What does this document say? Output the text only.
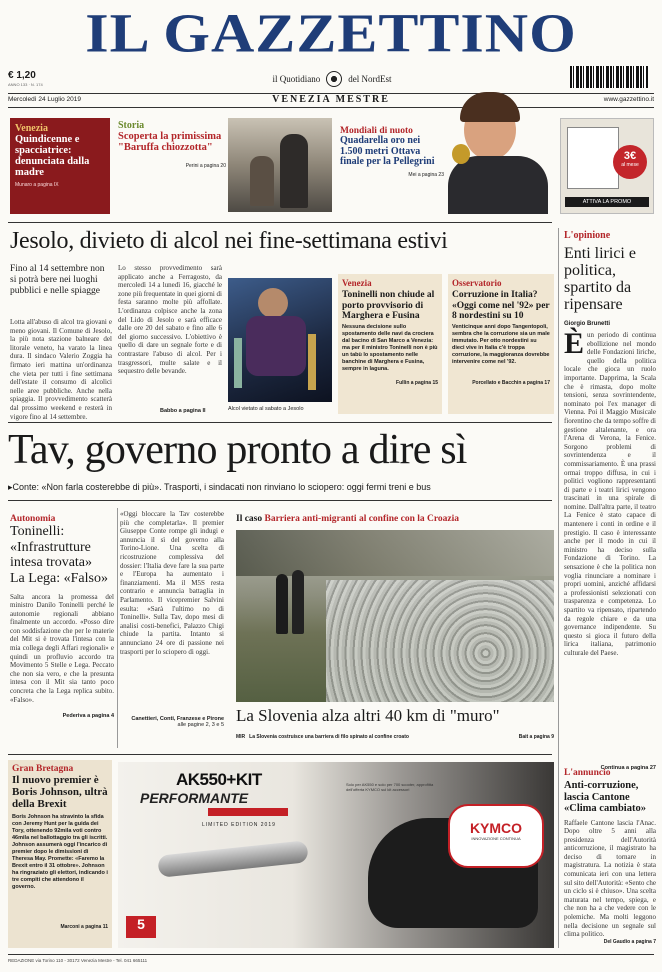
IL GAZZETTINO
€ 1,20
ANNO 133 · N. 174
il Quotidiano	del NordEst
Mercoledì 24 Luglio 2019	VENEZIA MESTRE	www.gazzettino.it
Venezia
Quindicenne e spacciatrice: denunciata dalla madre
Munaro a pagina IX
Storia
Scoperta la primissima "Baruffa chiozzotta"
Perini a pagina 20
Mondiali di nuoto
Quadarella oro nei 1.500 metri Ottava finale per la Pellegrini
Mei a pagina 23
3€
al mese
ATTIVA LA PROMO
Jesolo, divieto di alcol nei fine-settimana estivi
Fino al 14 settembre non si potrà bere nei luoghi pubblici e nelle spiagge
Lotta all'abuso di alcol tra giovani e meno giovani. Il Comune di Jesolo, la più nota stazione balneare del litorale veneto, ha varato la linea dura. Il sindaco Valerio Zoggia ha firmato ieri mattina un'ordinanza che vieta per tutti i fine settimana dell'estate il consumo di alcolici nelle aree pubbliche. Anche nella spiaggia. Il provvedimento scatterà dal prossimo weekend e resterà in vigore fino al 14 settembre.
Lo stesso provvedimento sarà applicato anche a Ferragosto, da mercoledì 14 a lunedì 16, giacché le zone più frequentate in quei giorni di festa saranno molte più affollate. L'ordinanza colpisce anche la zona del Lido di Jesolo e sarà efficace dalle ore 20 del sabato e fino alle 6 del giorno successivo. L'obiettivo è quello di dare un segnale forte e di contrastare l'abuso di alcol. Per i trasgressori, multe salate e il sequestro delle bevande.
Babbo a pagina II	Alcol vietato al sabato a Jesolo
Venezia
Toninelli non chiude al porto provvisorio di Marghera e Fusina
Nessuna decisione sullo spostamento delle navi da crociera dal bacino di San Marco a Venezia: ma per il ministro Toninelli non è più un tabù lo spostamento nelle banchine di Marghera e Fusina, sempre in laguna.
Fullin a pagina 15
Osservatorio
Corruzione in Italia? «Oggi come nel '92» per 8 nordestini su 10
Venticinque anni dopo Tangentopoli, sembra che la corruzione sia un male immutato. Per otto nordestini su dieci vive in Italia c'è troppa corruzione, la maggioranza dovrebbe intervenire come nel '92.
Porcellato e Bacchin a pagina 17
L'opinione
Enti lirici e politica, spartito da ripensare
Giorgio Brunetti
È un periodo di continua ebollizione nel mondo delle Fondazioni liriche, quello della politica locale che gioca un ruolo importante. Dapprima, la Scala che è rimasta, dopo molte tensioni, senza sovrintendente, nominato poi l'ex manager di Vienna. Poi il Maggio Musicale fiorentino che da tempo soffre di gestione altalenante, e ora l'Arena di Verona, la Fenice. Sorgono problemi di sovrintendenza e il commissariamento. È una prassi ormai troppo diffusa, in cui i politici vogliono rappresentanti di parte e i teatri lirici vengono trascinati in una spirale di nomine. Dall'altra parte, il teatro La Fenice è stato capace di mantenere i conti in ordine e il prestigio. Il caso è interessante anche per il modo in cui il ministro ha deciso sulla Fondazione di Torino. La sensazione è che la politica non voglia rinunciare a nominare i propri uomini, anziché affidarsi a professionisti selezionati con trasparenza e competenza. Lo spartito va ripensato, ripartendo da regole chiare e da una governance indipendente. Su questo si gioca il futuro della lirica italiana, patrimonio culturale del Paese.
Continua a pagina 27
Tav, governo pronto a dire sì
▸Conte: «Non farla costerebbe di più». Trasporti, i sindacati non rinviano lo sciopero: oggi fermi treni e bus
Autonomia
Toninelli: «Infrastrutture intesa trovata»
La Lega: «Falso»
Salta ancora la promessa del ministro Danilo Toninelli perché le autonomie regionali abbiano finalmente un accordo. «Posso dire con soddisfazione che per le materie del Mit si è trovata l'intesa con la mia collega degli Affari regionali» e quindi un profluvio accordo tra Movimento 5 Stelle e Lega. Peccato che non sia vero, e che la presunta intesa con il Mit sia tanto poco concreta che la Lega replica subito. «Falso».
Pederiva a pagina 4
«Oggi bloccare la Tav costerebbe più che completarla». Il premier Giuseppe Conte rompe gli indugi e annuncia il sì del governo alla Torino-Lione. Una scelta di ricostruzione complessiva del dossier: l'Italia deve fare la sua parte e l'Europa ha aumentato i finanziamenti. Ma il M5S resta contrario e annuncia battaglia in Parlamento. Il vicepremier Salvini esulta: «Sarà l'ultimo no di Toninelli». Sulla Tav, dopo mesi di analisi costi-benefici, Palazzo Chigi chiude la partita. Intanto si annunciano 24 ore di passione nei trasporti per lo sciopero di oggi.
Canettieri, Conti, Franzese e Pirone
alle pagine 2, 3 e 5
Il caso Barriera anti-migranti al confine con la Croazia
La Slovenia alza altri 40 km di "muro"
MIR La Slovenia costruisce una barriera di filo spinato al confine croato	Bait a pagina 9
Gran Bretagna
Il nuovo premier è Boris Johnson, ultrà della Brexit
Boris Johnson ha stravinto la sfida con Jeremy Hunt per la guida dei Tory, ottenendo 92mila voti contro 46mila nel ballottaggio tra gli iscritti. Johnson assumerà oggi l'incarico di premier dopo le dimissioni di Theresa May. Promette: «Faremo la Brexit entro il 31 ottobre». Johnson ha ringraziato gli elettori, indicando i tre compiti che attendono il governo.
Marconi a pagina 11
AK550+KIT
PERFORMANTE
LIMITED EDITION 2019
Solo per AK550 e solo per 700 scooter, approfitta dell'offerta KYMCO sul kit accessori
KYMCO
INNOVAZIONE CONTINUA
5
L'annuncio
Anti-corruzione, lascia Cantone «Clima cambiato»
Raffaele Cantone lascia l'Anac. Dopo oltre 5 anni alla presidenza dell'Autorità anticorruzione, il magistrato ha deciso di tornare in magistratura. La notizia è stata comunicata ieri con una lettera sul sito dell'Autorità: «Sento che un ciclo si è chiuso». Una scelta maturata nel tempo, spiega, e che non ha a che vedere con le polemiche. Ma molti leggono nella decisione un segnale sul clima politico.
Del Gaudio a pagina 7
REDAZIONE via Torino 110 - 30172 Venezia Mestre - Tel. 041 665111
